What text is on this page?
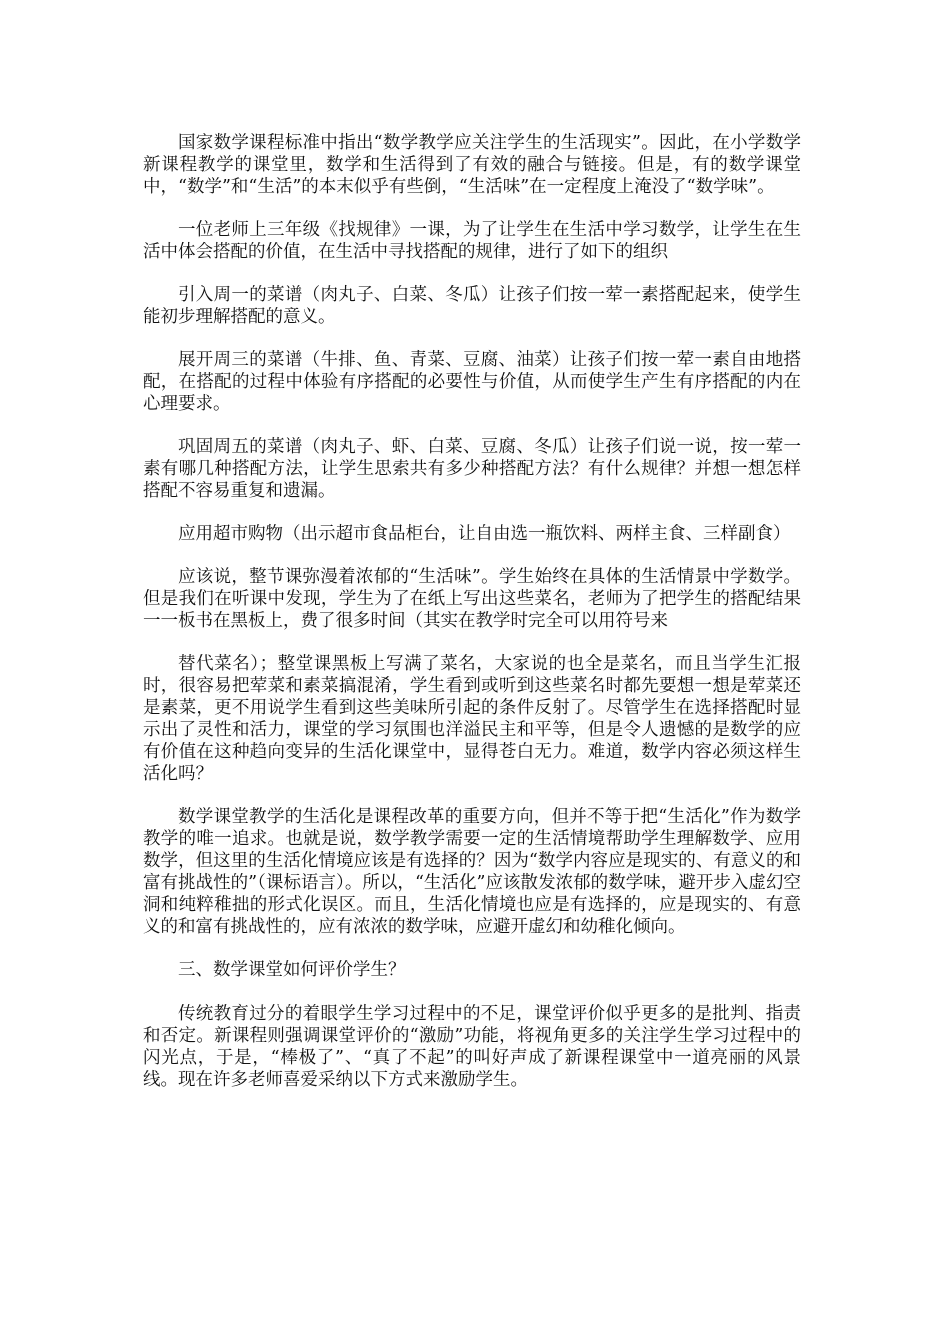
国家数学课程标准中指出“数学教学应关注学生的生活现实”。因此，在小学数学新课程教学的课堂里，数学和生活得到了有效的融合与链接。但是，有的数学课堂中，“数学”和“生活”的本末似乎有些倒，“生活味”在一定程度上淹没了“数学味”。

一位老师上三年级《找规律》一课，为了让学生在生活中学习数学，让学生在生活中体会搭配的价值，在生活中寻找搭配的规律，进行了如下的组织

引入周一的菜谱（肉丸子、白菜、冬瓜）让孩子们按一荤一素搭配起来，使学生能初步理解搭配的意义。

展开周三的菜谱（牛排、鱼、青菜、豆腐、油菜）让孩子们按一荤一素自由地搭配，在搭配的过程中体验有序搭配的必要性与价值，从而使学生产生有序搭配的内在心理要求。

巩固周五的菜谱（肉丸子、虾、白菜、豆腐、冬瓜）让孩子们说一说，按一荤一素有哪几种搭配方法，让学生思索共有多少种搭配方法？有什么规律？并想一想怎样搭配不容易重复和遗漏。

应用超市购物（出示超市食品柜台，让自由选一瓶饮料、两样主食、三样副食）

应该说，整节课弥漫着浓郁的“生活味”。学生始终在具体的生活情景中学数学。但是我们在听课中发现，学生为了在纸上写出这些菜名，老师为了把学生的搭配结果一一板书在黑板上，费了很多时间（其实在教学时完全可以用符号来

替代菜名）；整堂课黑板上写满了菜名，大家说的也全是菜名，而且当学生汇报时，很容易把荤菜和素菜搞混淆，学生看到或听到这些菜名时都先要想一想是荤菜还是素菜，更不用说学生看到这些美味所引起的条件反射了。尽管学生在选择搭配时显示出了灵性和活力，课堂的学习氛围也洋溢民主和平等，但是令人遗憾的是数学的应有价值在这种趋向变异的生活化课堂中，显得苍白无力。难道，数学内容必须这样生活化吗？

数学课堂教学的生活化是课程改革的重要方向，但并不等于把“生活化”作为数学教学的唯一追求。也就是说，数学教学需要一定的生活情境帮助学生理解数学、应用数学，但这里的生活化情境应该是有选择的？因为“数学内容应是现实的、有意义的和富有挑战性的”（课标语言）。所以，“生活化”应该散发浓郁的数学味，避开步入虚幻空洞和纯粹稚拙的形式化误区。而且，生活化情境也应是有选择的，应是现实的、有意义的和富有挑战性的，应有浓浓的数学味，应避开虚幻和幼稚化倾向。

三、数学课堂如何评价学生？

传统教育过分的着眼学生学习过程中的不足，课堂评价似乎更多的是批判、指责和否定。新课程则强调课堂评价的“激励”功能，将视角更多的关注学生学习过程中的闪光点，于是，“棒极了”、“真了不起”的叫好声成了新课程课堂中一道亮丽的风景线。现在许多老师喜爱采纳以下方式来激励学生。
